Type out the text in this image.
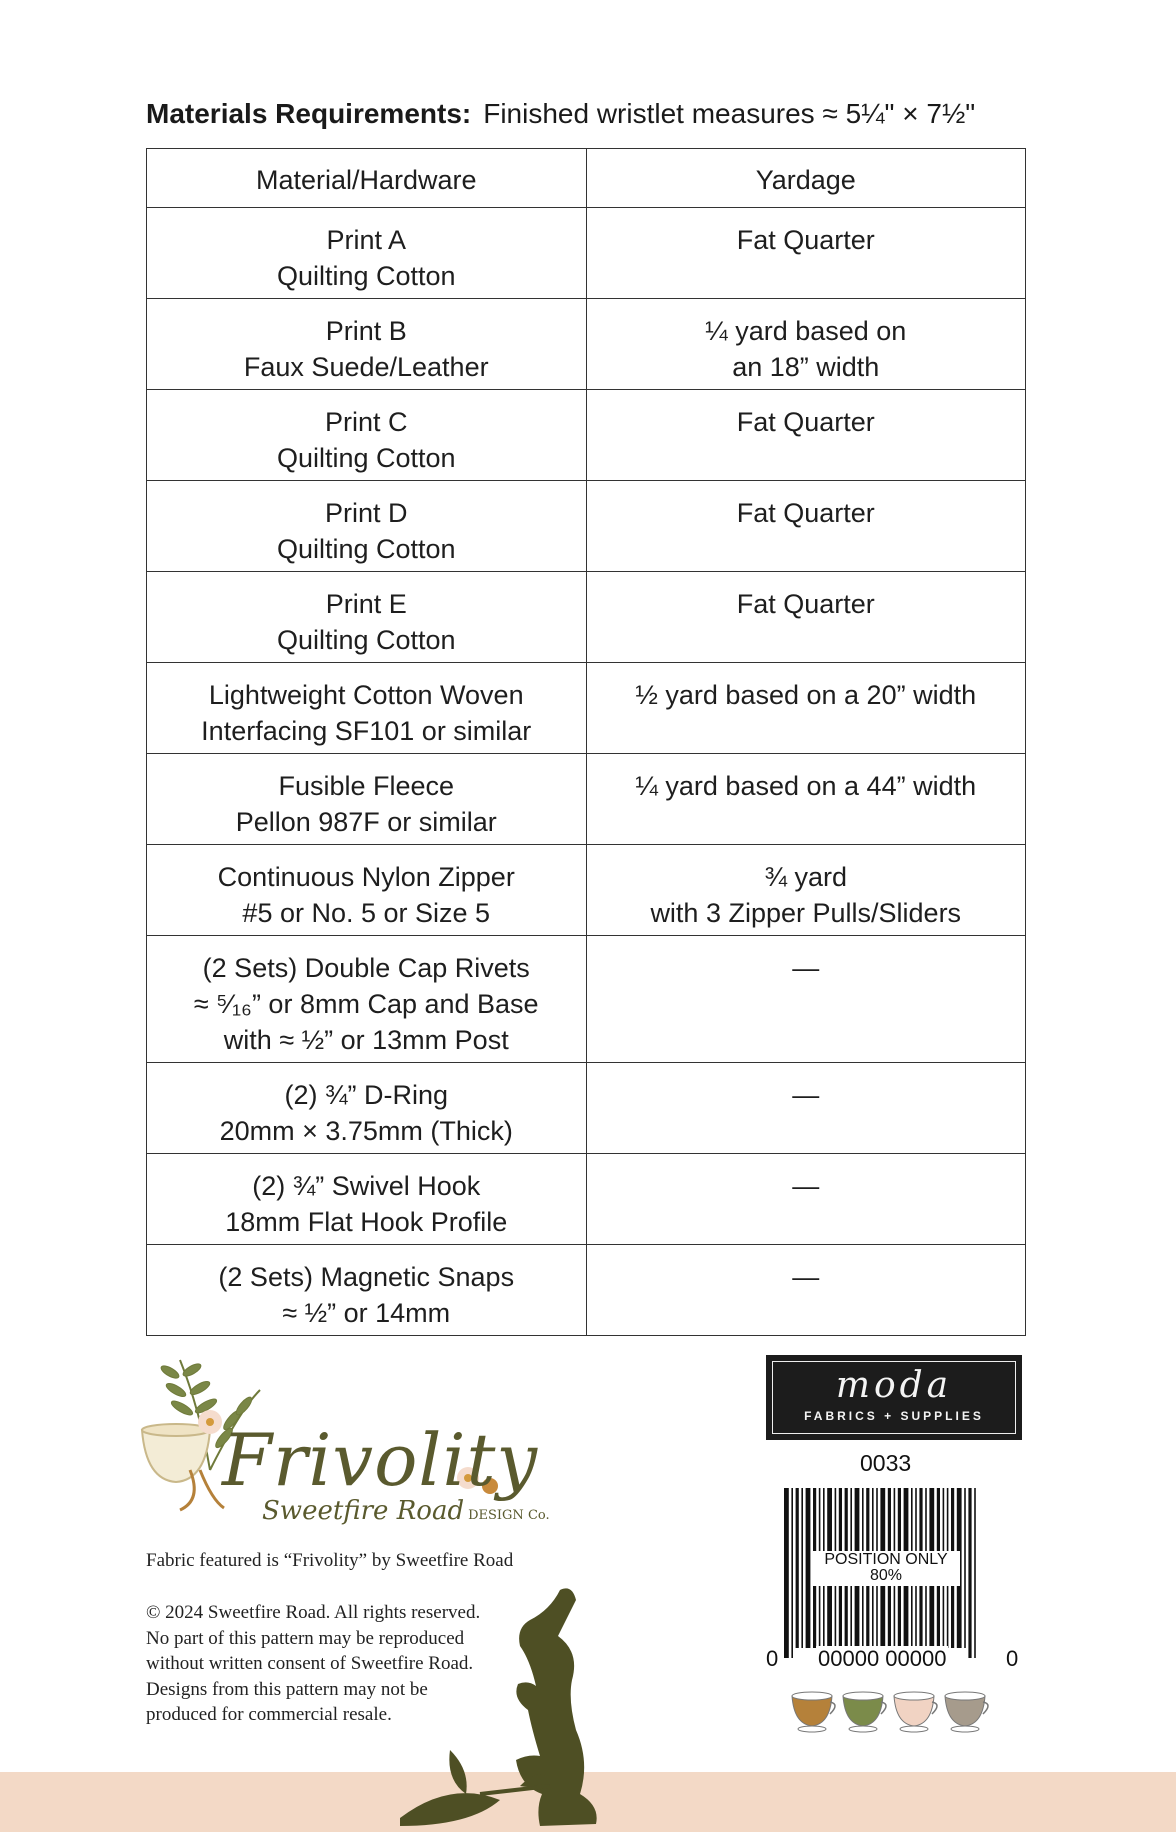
Materials Requirements: Finished wristlet measures ≈ 5¼" × 7½"
Material/Hardware	Yardage

Print A
Quilting Cotton	Fat Quarter

Print B
Faux Suede/Leather	¼ yard based on
an 18” width

Print C
Quilting Cotton	Fat Quarter

Print D
Quilting Cotton	Fat Quarter

Print E
Quilting Cotton	Fat Quarter

Lightweight Cotton Woven
Interfacing SF101 or similar	½ yard based on a 20” width

Fusible Fleece
Pellon 987F or similar	¼ yard based on a 44” width

Continuous Nylon Zipper
#5 or No. 5 or Size 5	¾ yard
with 3 Zipper Pulls/Sliders

(2 Sets) Double Cap Rivets
≈ ⁵⁄₁₆” or 8mm Cap and Base
with ≈ ½” or 13mm Post	—

(2) ¾” D-Ring
20mm × 3.75mm (Thick)	—

(2) ¾” Swivel Hook
18mm Flat Hook Profile	—

(2 Sets) Magnetic Snaps
≈ ½” or 14mm	—
Frivolity
Sweetfire Road DESIGN Co.
Fabric featured is “Frivolity” by Sweetfire Road
© 2024 Sweetfire Road. All rights reserved.
No part of this pattern may be reproduced
without written consent of Sweetfire Road.
Designs from this pattern may not be
produced for commercial resale.
moda
FABRICS + SUPPLIES
0033
POSITION ONLY
80%
0 00000 00000	0
